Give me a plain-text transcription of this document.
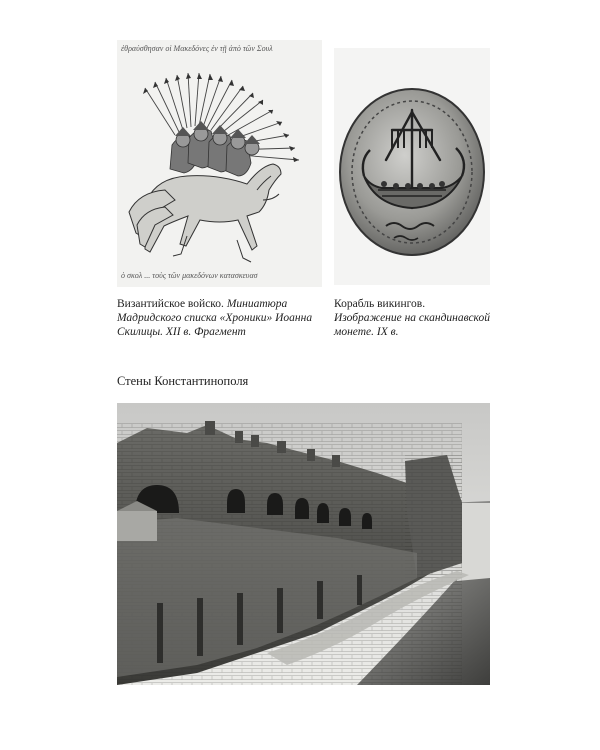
ἐθραύσθησαν οἱ Μακεδόνες ἐν τῇ ἀπὸ τῶν Σουλ
ὁ σκολ ... τοὺς τῶν μακεδόνων κατασκευασ
Византийское войско. Миниатюра Мадридского списка «Хроники» Иоанна Скилицы. XII в. Фрагмент
Корабль викингов.
Изображение на скандинавской монете. IX в.
Стены Константинополя
